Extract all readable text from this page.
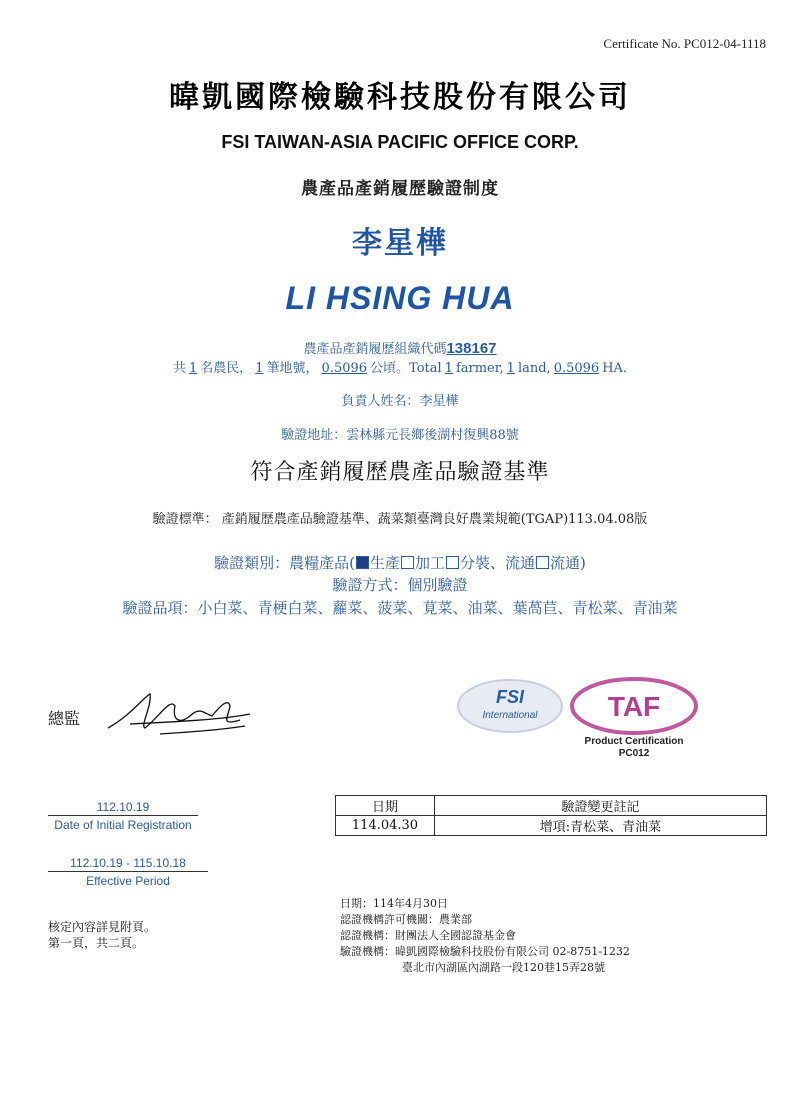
Certificate No. PC012-04-1118
暐凱國際檢驗科技股份有限公司
FSI TAIWAN-ASIA PACIFIC OFFICE CORP.
農產品產銷履歷驗證制度
李星樺
LI HSING HUA
農產品產銷履歷組織代碼138167
共 1 名農民， 1 筆地號， 0.5096 公頃。Total 1 farmer, 1 land, 0.5096 HA.
負責人姓名：李星樺
驗證地址：雲林縣元長鄉後湖村復興88號
符合產銷履歷農產品驗證基準
驗證標準： 產銷履歷農產品驗證基準、蔬菜類臺灣良好農業規範(TGAP)113.04.08版
驗證類別：農糧產品( 生產 加工 分裝、流通 流通)
驗證方式：個別驗證
驗證品項：小白菜、青梗白菜、蘿菜、菠菜、莧菜、油菜、葉萵苣、青松菜、青油菜
總監
FSI
International	TAF
Product Certification
PC012
112.10.19
Date of Initial Registration
112.10.19 - 115.10.18
Effective Period
日期	驗證變更註記
114.04.30	增項:青松菜、青油菜
核定內容詳見附頁。
第一頁，共二頁。
日期：114年4月30日
認證機構許可機關：農業部
認證機構：財團法人全國認證基金會
驗證機構：暐凱國際檢驗科技股份有限公司 02-8751-1232
臺北市內湖區內湖路一段120巷15弄28號
